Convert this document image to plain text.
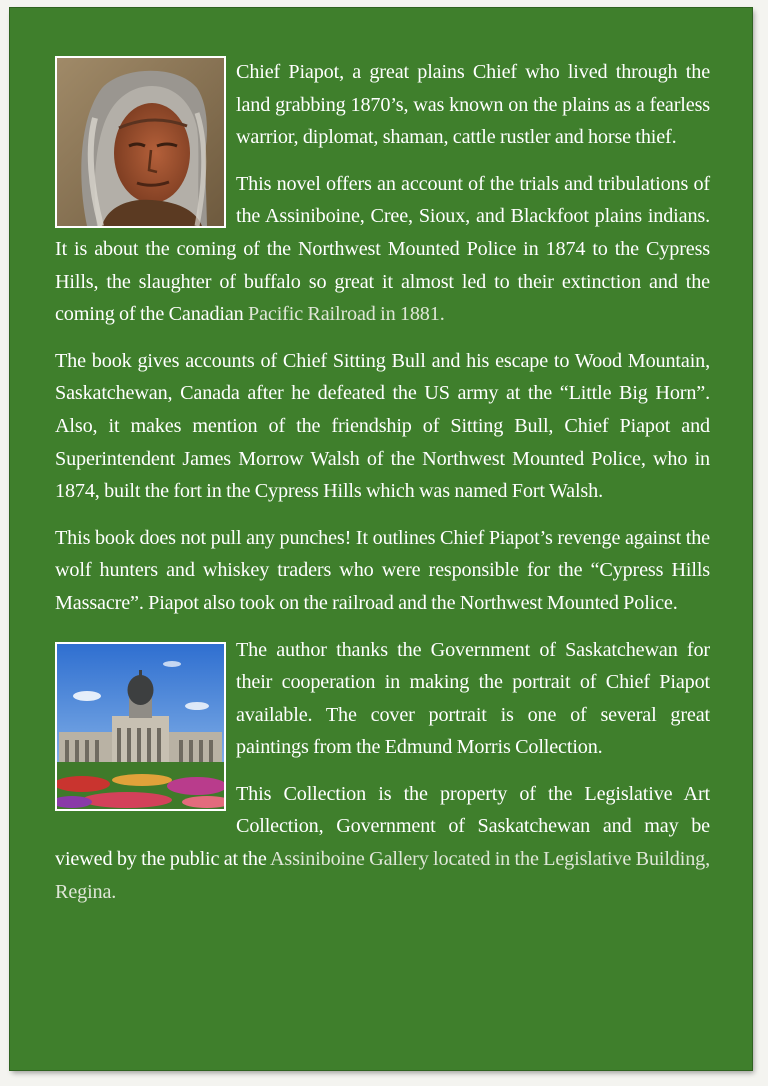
Chief Piapot, a great plains Chief who lived through the land grabbing 1870’s, was known on the plains as a fearless warrior, diplomat, shaman, cattle rustler and horse thief.

This novel offers an account of the trials and tribulations of the Assiniboine, Cree, Sioux, and Blackfoot plains indians. It is about the coming of the Northwest Mounted Police in 1874 to the Cypress Hills, the slaughter of buffalo so great it almost led to their extinction and the coming of the Canadian Pacific Railroad in 1881.

The book gives accounts of Chief Sitting Bull and his escape to Wood Mountain, Saskatchewan, Canada after he defeated the US army at the “Little Big Horn”. Also, it makes mention of the friendship of Sitting Bull, Chief Piapot and Superintendent James Morrow Walsh of the Northwest Mounted Police, who in 1874, built the fort in the Cypress Hills which was named Fort Walsh.

This book does not pull any punches! It outlines Chief Piapot’s revenge against the wolf hunters and whiskey traders who were responsible for the “Cypress Hills Massacre”. Piapot also took on the railroad and the Northwest Mounted Police.

The author thanks the Government of Saskatchewan for their cooperation in making the portrait of Chief Piapot available. The cover portrait is one of several great paintings from the Edmund Morris Collection.

This Collection is the property of the Legislative Art Collection, Government of Saskatchewan and may be viewed by the public at the Assiniboine Gallery located in the Legislative Building, Regina.
